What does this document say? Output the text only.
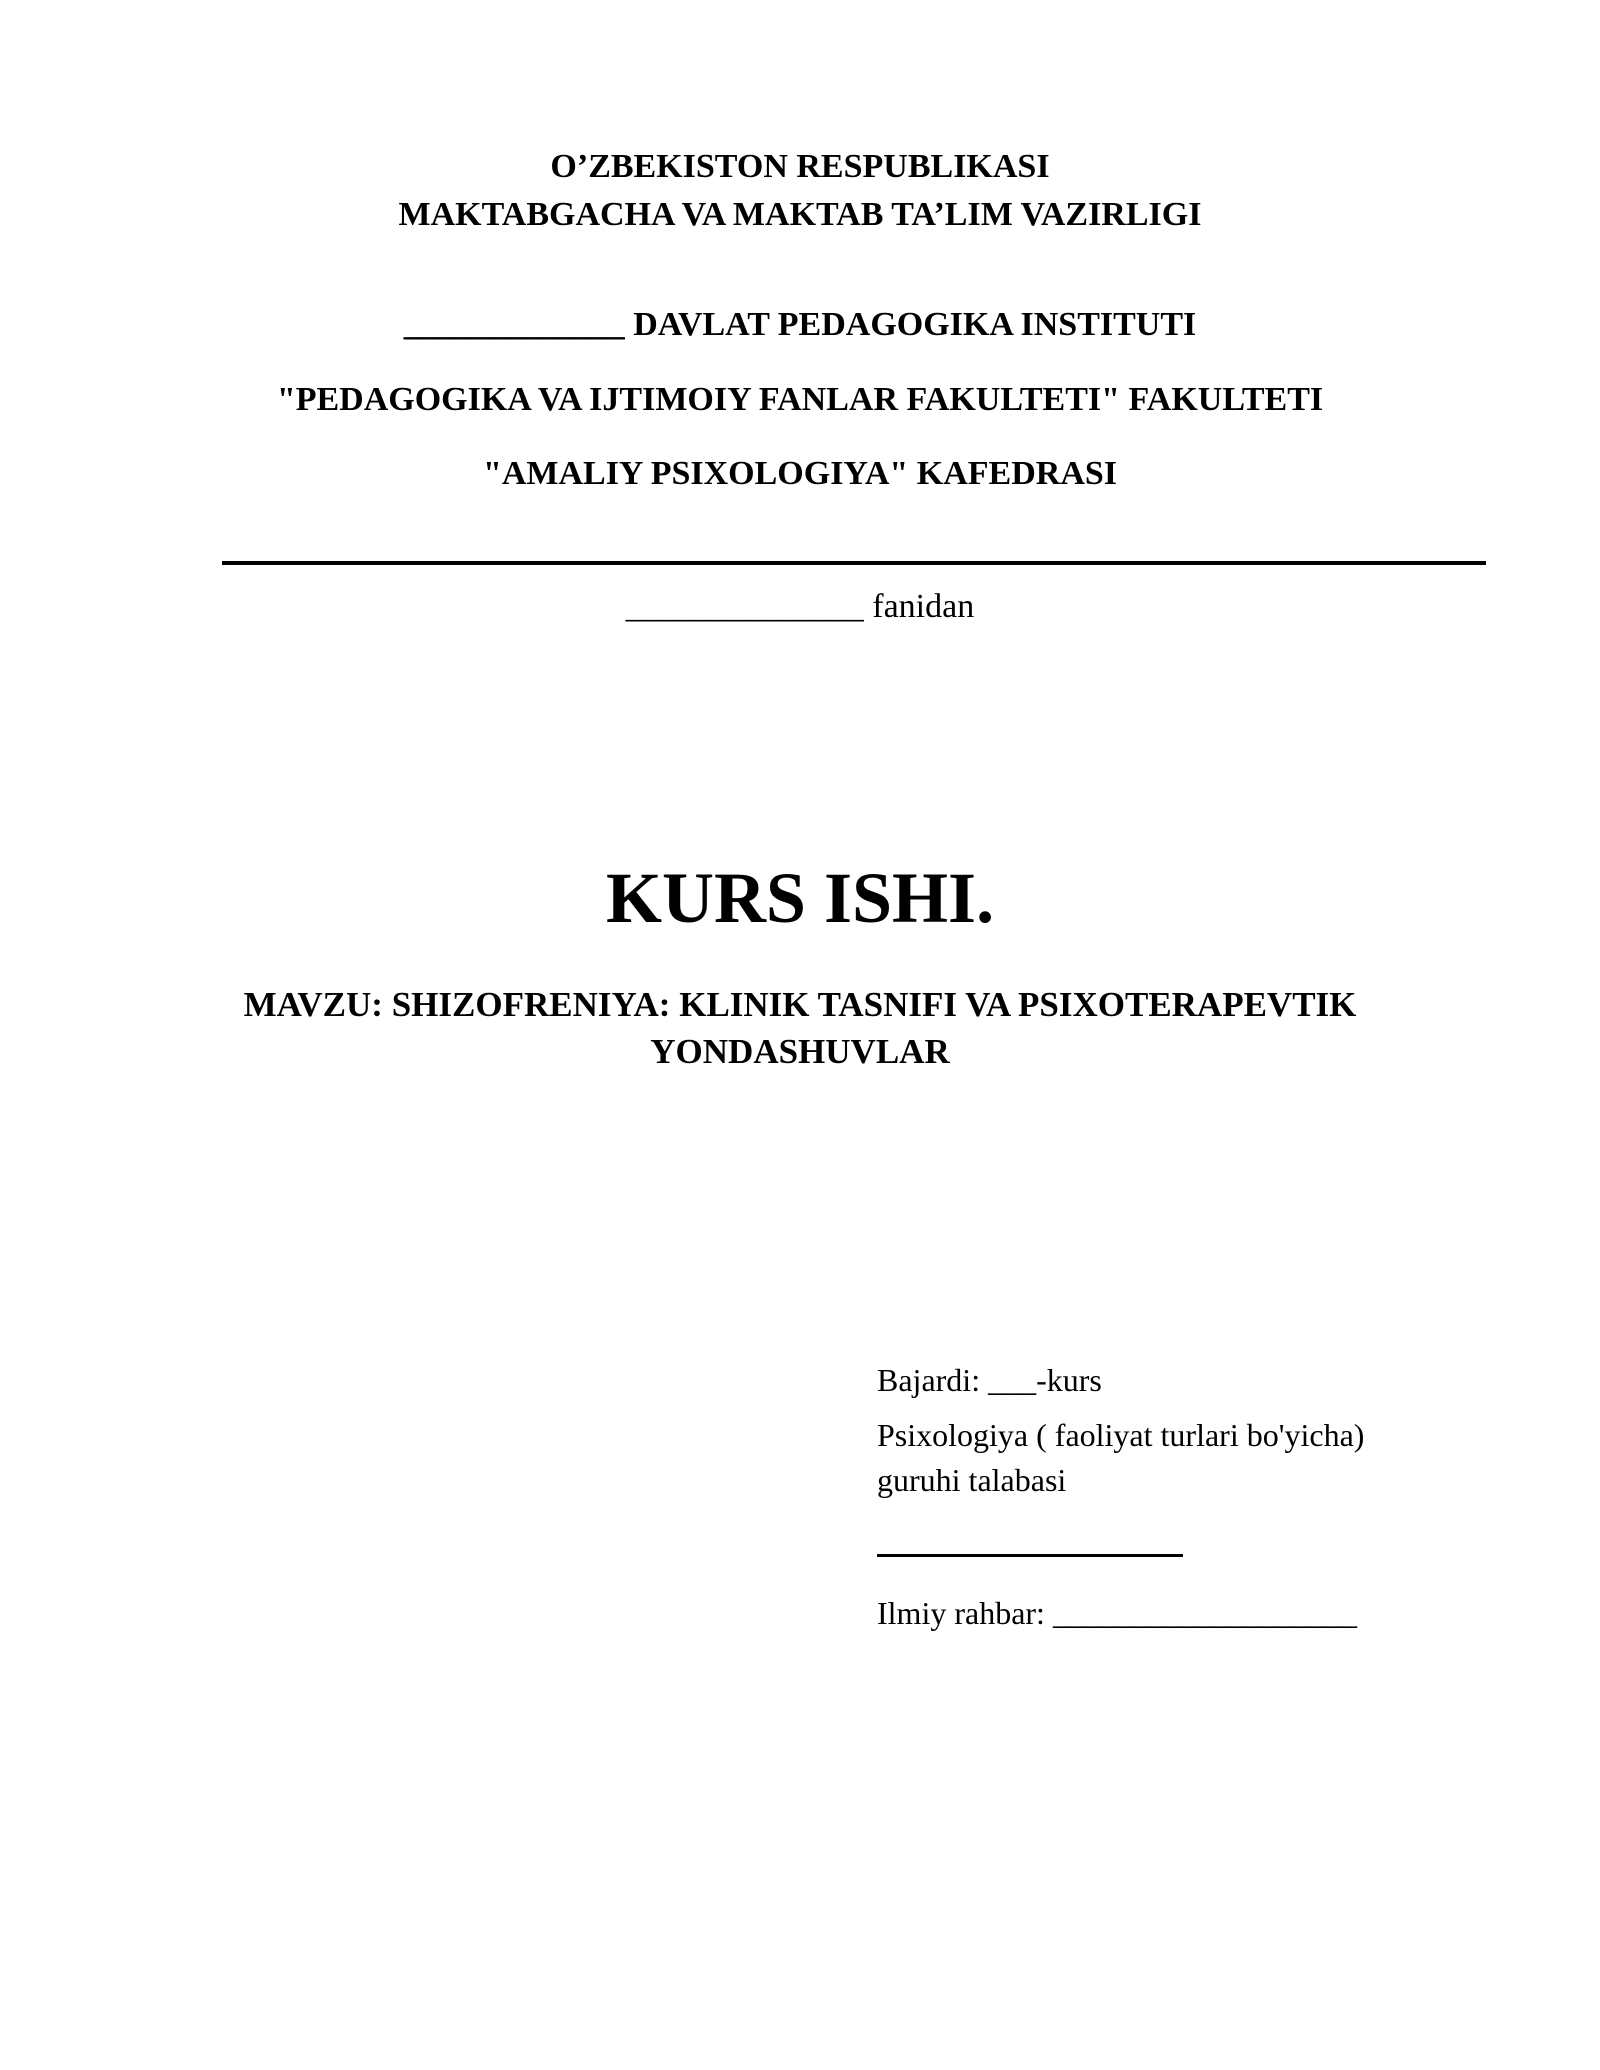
O’ZBEKISTON RESPUBLIKASI
MAKTABGACHA VA MAKTAB TA’LIM VAZIRLIGI
_____________ DAVLAT PEDAGOGIKA INSTITUTI
"PEDAGOGIKA VA IJTIMOIY FANLAR FAKULTETI" FAKULTETI
"AMALIY PSIXOLOGIYA" KAFEDRASI
______________ fanidan
KURS ISHI.
MAVZU: SHIZOFRENIYA: KLINIK TASNIFI VA PSIXOTERAPEVTIK
YONDASHUVLAR
Bajardi: ___-kurs
Psixologiya ( faoliyat turlari bo'yicha)
guruhi talabasi
Ilmiy rahbar: ___________________
